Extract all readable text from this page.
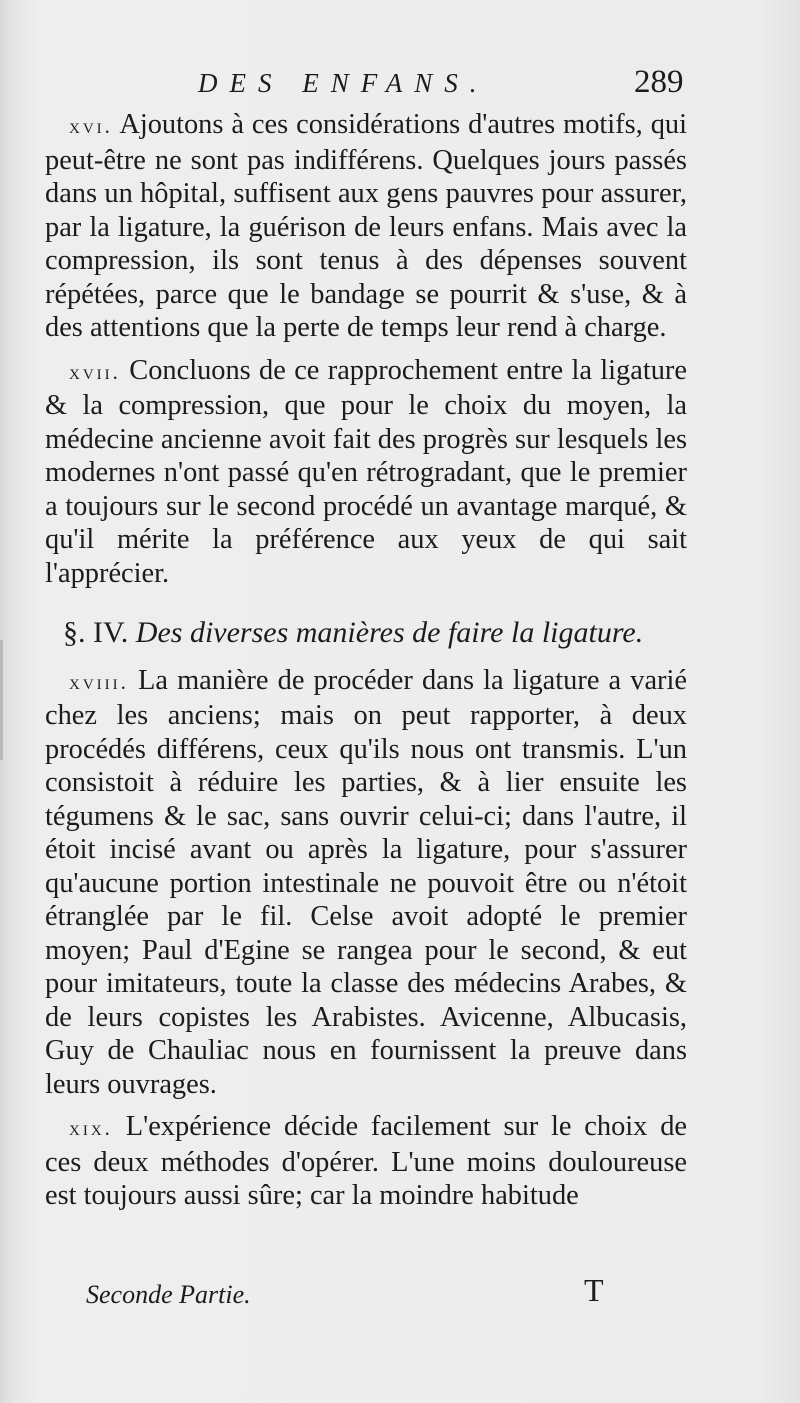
DES ENFANS.	289

xvi. Ajoutons à ces considérations d'autres motifs, qui peut-être ne sont pas indifférens. Quelques jours passés dans un hôpital, suffisent aux gens pauvres pour assurer, par la ligature, la guérison de leurs enfans. Mais avec la compression, ils sont tenus à des dépenses souvent répétées, parce que le bandage se pourrit & s'use, & à des attentions que la perte de temps leur rend à charge.

xvii. Concluons de ce rapprochement entre la ligature & la compression, que pour le choix du moyen, la médecine ancienne avoit fait des progrès sur lesquels les modernes n'ont passé qu'en rétrogradant, que le premier a toujours sur le second procédé un avantage marqué, & qu'il mérite la préférence aux yeux de qui sait l'apprécier.

§. IV. Des diverses manières de faire la ligature.

xviii. La manière de procéder dans la ligature a varié chez les anciens; mais on peut rapporter, à deux procédés différens, ceux qu'ils nous ont transmis. L'un consistoit à réduire les parties, & à lier ensuite les tégumens & le sac, sans ouvrir celui-ci; dans l'autre, il étoit incisé avant ou après la ligature, pour s'assurer qu'aucune portion intestinale ne pouvoit être ou n'étoit étranglée par le fil. Celse avoit adopté le premier moyen; Paul d'Egine se rangea pour le second, & eut pour imitateurs, toute la classe des médecins Arabes, & de leurs copistes les Arabistes. Avicenne, Albucasis, Guy de Chauliac nous en fournissent la preuve dans leurs ouvrages.

xix. L'expérience décide facilement sur le choix de ces deux méthodes d'opérer. L'une moins douloureuse est toujours aussi sûre; car la moindre habitude

Seconde Partie.	T
